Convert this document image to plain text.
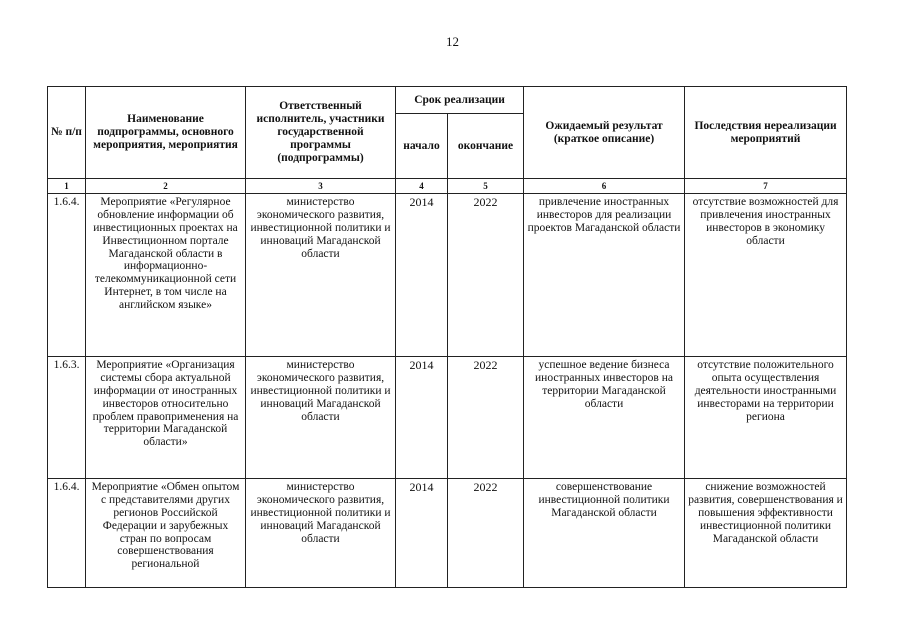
12
№ п/п	Наименование подпрограммы, основного мероприятия, мероприятия	Ответственный исполнитель, участники государственной программы (подпрограммы)	Срок реализации		Ожидаемый результат (краткое описание)	Последствия нереализации мероприятий
			начало	окончание		
1	2	3	4	5	6	7
1.6.4.	Мероприятие «Регулярное обновление информации об инвестиционных проектах на Инвестиционном портале Магаданской области в информационно-телекоммуникационной сети Интернет, в том числе на английском языке»	министерство экономического развития, инвестиционной политики и инноваций Магаданской области	2014	2022	привлечение иностранных инвесторов для реализации проектов Магаданской области	отсутствие возможностей для привлечения иностранных инвесторов в экономику области
1.6.3.	Мероприятие «Организация системы сбора актуальной информации от иностранных инвесторов относительно проблем правоприменения на территории Магаданской области»	министерство экономического развития, инвестиционной политики и инноваций Магаданской области	2014	2022	успешное ведение бизнеса иностранных инвесторов на территории Магаданской области	отсутствие положительного опыта осуществления деятельности иностранными инвесторами на территории региона
1.6.4.	Мероприятие «Обмен опытом с представителями других регионов Российской Федерации и зарубежных стран по вопросам совершенствования региональной	министерство экономического развития, инвестиционной политики и инноваций Магаданской области	2014	2022	совершенствование инвестиционной политики Магаданской области	снижение возможностей развития, совершенствования и повышения эффективности инвестиционной политики Магаданской области
